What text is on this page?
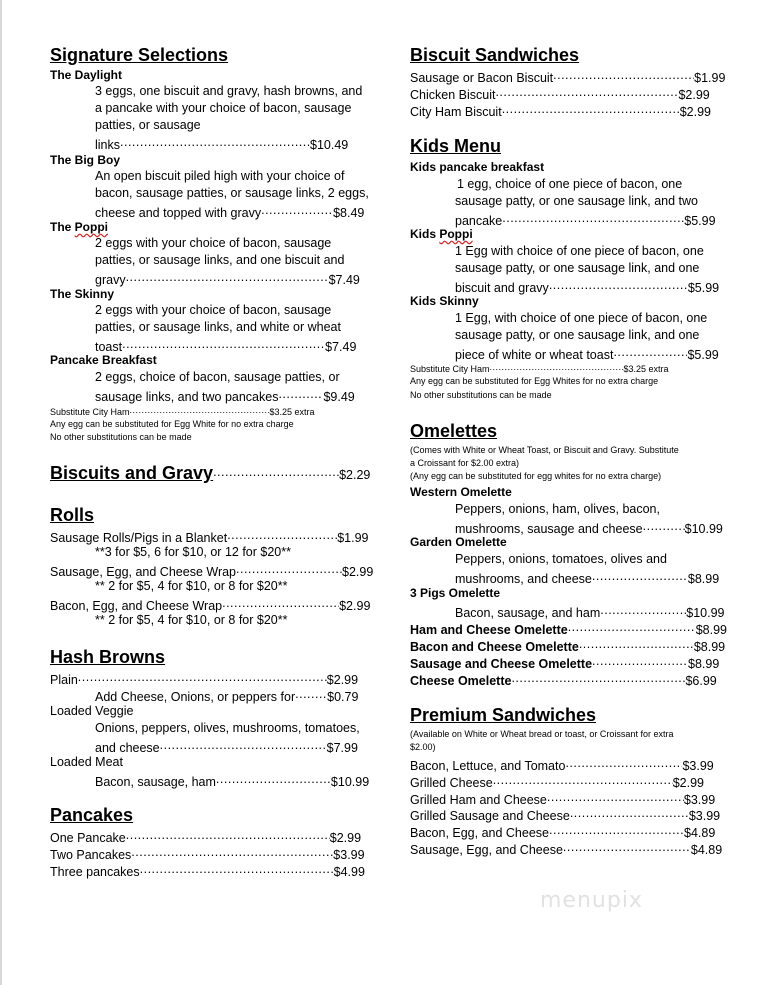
Signature Selections
The Daylight
3 eggs, one biscuit and gravy, hash browns, and
a pancake with your choice of bacon, sausage
patties, or sausage
links .....	$10.49
The Big Boy
An open biscuit piled high with your choice of
bacon, sausage patties, or sausage links, 2 eggs,
cheese and topped with gravy .....	$8.49
The Poppi
2 eggs with your choice of bacon, sausage
patties, or sausage links, and one biscuit and
gravy .....	$7.49
The Skinny
2 eggs with your choice of bacon, sausage
patties, or sausage links, and white or wheat
toast .....	$7.49
Pancake Breakfast
2 eggs, choice of bacon, sausage patties, or
sausage links, and two pancakes .....	$9.49
Substitute City Ham .....	$3.25 extra
Any egg can be substituted for Egg White for no extra charge
No other substitutions can be made
Biscuits and Gravy .....	$2.29
Rolls
Sausage Rolls/Pigs in a Blanket .....	$1.99
**3 for $5, 6 for $10, or 12 for $20**
Sausage, Egg, and Cheese Wrap .....	$2.99
** 2 for $5, 4 for $10, or 8 for $20**
Bacon, Egg, and Cheese Wrap .....	$2.99
** 2 for $5, 4 for $10, or 8 for $20**
Hash Browns
Plain .....	$2.99
Add Cheese, Onions, or peppers for .....	$0.79
Loaded Veggie
Onions, peppers, olives, mushrooms, tomatoes,
and cheese .....	$7.99
Loaded Meat
Bacon, sausage, ham .....	$10.99
Pancakes
One Pancake .....	$2.99
Two Pancakes .....	$3.99
Three pancakes .....	$4.99
Biscuit Sandwiches
Sausage or Bacon Biscuit .....	$1.99
Chicken Biscuit .....	$2.99
City Ham Biscuit .....	$2.99
Kids Menu
Kids pancake breakfast
1 egg, choice of one piece of bacon, one
sausage patty, or one sausage link, and two
pancake .....	$5.99
Kids Poppi
1 Egg with choice of one piece of bacon, one
sausage patty, or one sausage link, and one
biscuit and gravy .....	$5.99
Kids Skinny
1 Egg, with choice of one piece of bacon, one
sausage patty, or one sausage link, and one
piece of white or wheat toast .....	$5.99
Substitute City Ham .....	$3.25 extra
Any egg can be substituted for Egg Whites for no extra charge
No other substitutions can be made
Omelettes
(Comes with White or Wheat Toast, or Biscuit and Gravy. Substitute
a Croissant for $2.00 extra)
(Any egg can be substituted for egg whites for no extra charge)
Western Omelette
Peppers, onions, ham, olives, bacon,
mushrooms, sausage and cheese .....	$10.99
Garden Omelette
Peppers, onions, tomatoes, olives and
mushrooms, and cheese .....	$8.99
3 Pigs Omelette
Bacon, sausage, and ham .....	$10.99
Ham and Cheese Omelette .....	$8.99
Bacon and Cheese Omelette .....	$8.99
Sausage and Cheese Omelette .....	$8.99
Cheese Omelette .....	$6.99
Premium Sandwiches
(Available on White or Wheat bread or toast, or Croissant for extra
$2.00)
Bacon, Lettuce, and Tomato .....	$3.99
Grilled Cheese .....	$2.99
Grilled Ham and Cheese .....	$3.99
Grilled Sausage and Cheese .....	$3.99
Bacon, Egg, and Cheese .....	$4.89
Sausage, Egg, and Cheese .....	$4.89
menupix
